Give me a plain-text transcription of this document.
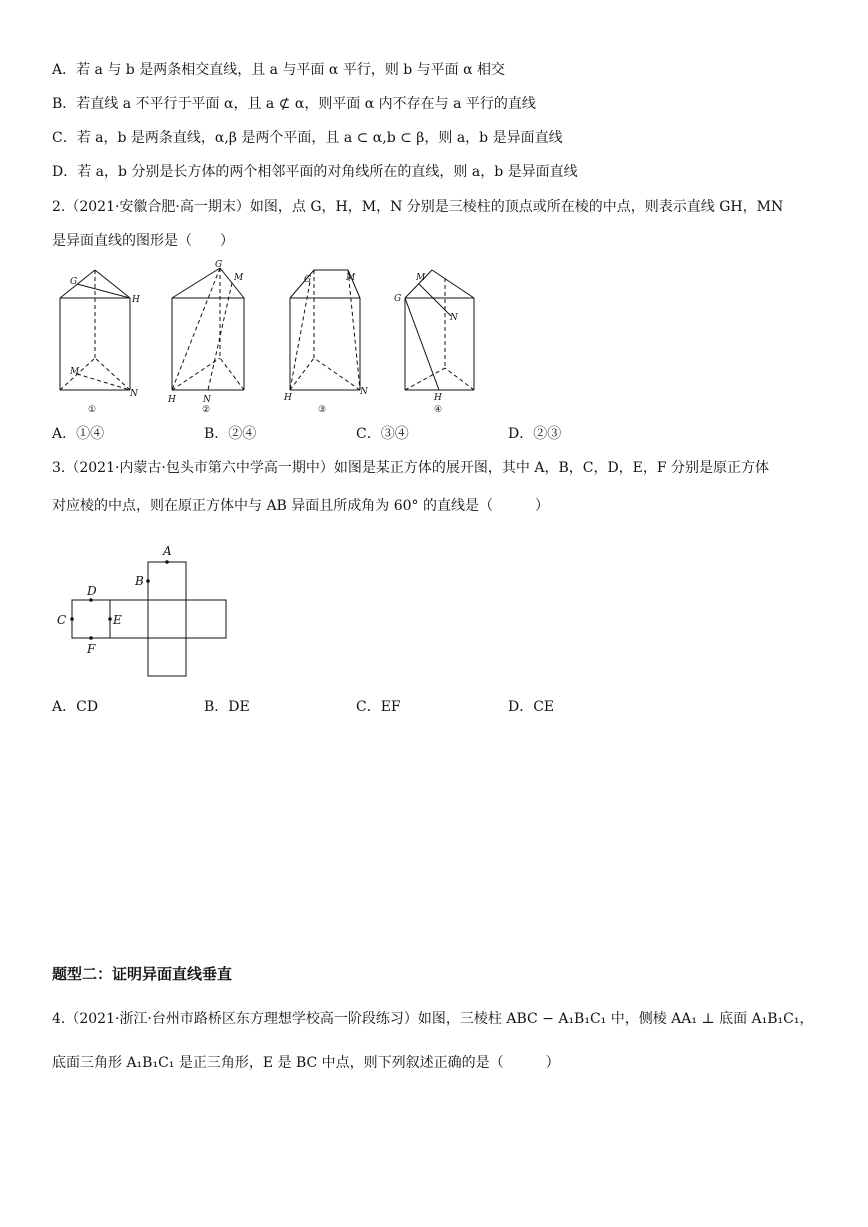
A．若 a 与 b 是两条相交直线，且 a 与平面 α 平行，则 b 与平面 α 相交
B．若直线 a 不平行于平面 α，且 a ⊄ α，则平面 α 内不存在与 a 平行的直线
C．若 a，b 是两条直线，α,β 是两个平面，且 a ⊂ α,b ⊂ β，则 a，b 是异面直线
D．若 a，b 分别是长方体的两个相邻平面的对角线所在的直线，则 a，b 是异面直线
2.（2021·安徽合肥·高一期末）如图，点 G，H，M，N 分别是三棱柱的顶点或所在棱的中点，则表示直线 GH，MN
是异面直线的图形是（　　）
G
H
M
N
①
G
H
M
N
②
G
H
M
N
③
G
H
M
N
④
A．①④	B．②④	C．③④	D．②③
3.（2021·内蒙古·包头市第六中学高一期中）如图是某正方体的展开图，其中 A，B，C，D，E，F 分别是原正方体
对应棱的中点，则在原正方体中与 AB 异面且所成角为 60° 的直线是（　　　）
A
B
C
D
E
F
A．CD	B．DE	C．EF	D．CE
题型二：证明异面直线垂直
4.（2021·浙江·台州市路桥区东方理想学校高一阶段练习）如图，三棱柱 ABC − A₁B₁C₁ 中，侧棱 AA₁ ⊥ 底面 A₁B₁C₁，
底面三角形 A₁B₁C₁ 是正三角形，E 是 BC 中点，则下列叙述正确的是（　　　）
